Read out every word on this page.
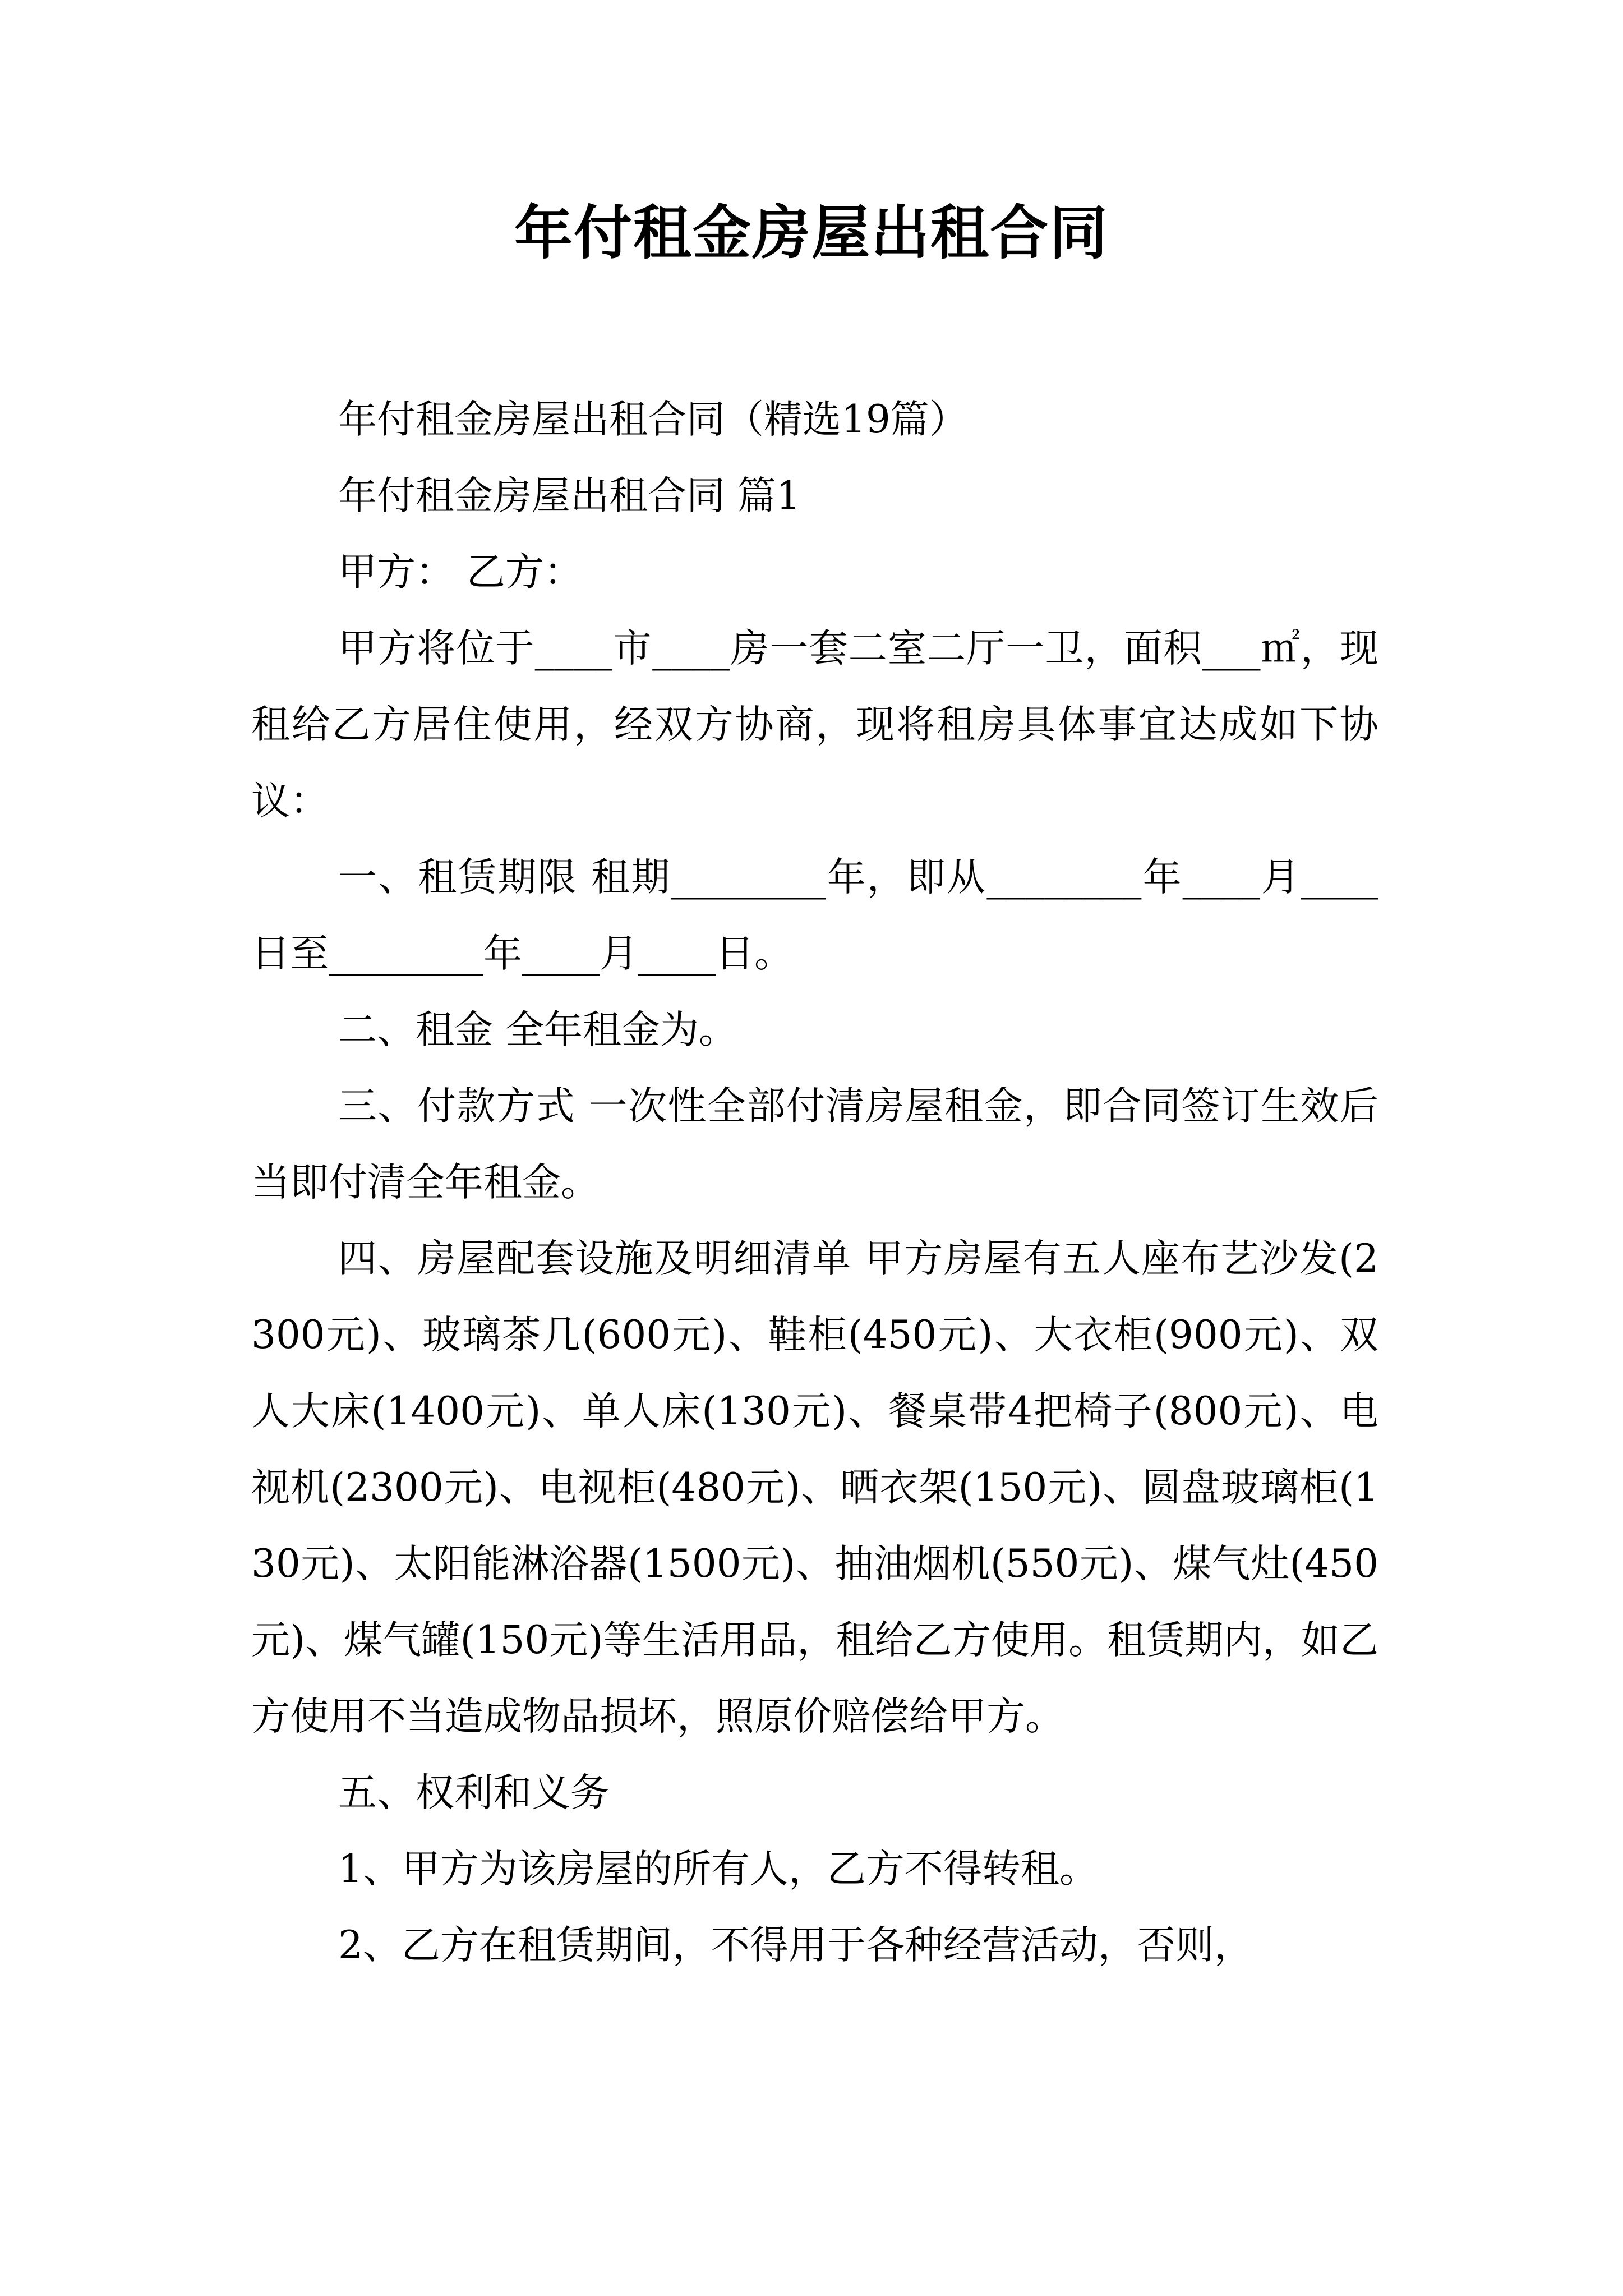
年付租金房屋出租合同

年付租金房屋出租合同（精选19篇）

年付租金房屋出租合同 篇1

甲方： 乙方：

甲方将位于____市____房一套二室二厅一卫，面积___㎡，现租给乙方居住使用，经双方协商，现将租房具体事宜达成如下协议：

一、租赁期限 租期________年，即从________年____月____日至________年____月____日。

二、租金 全年租金为。

三、付款方式 一次性全部付清房屋租金，即合同签订生效后当即付清全年租金。

四、房屋配套设施及明细清单 甲方房屋有五人座布艺沙发(2300元)、玻璃茶几(600元)、鞋柜(450元)、大衣柜(900元)、双人大床(1400元)、单人床(130元)、餐桌带4把椅子(800元)、电视机(2300元)、电视柜(480元)、晒衣架(150元)、圆盘玻璃柜(130元)、太阳能淋浴器(1500元)、抽油烟机(550元)、煤气灶(450元)、煤气罐(150元)等生活用品，租给乙方使用。租赁期内，如乙方使用不当造成物品损坏，照原价赔偿给甲方。

五、权利和义务

1、甲方为该房屋的所有人，乙方不得转租。

2、乙方在租赁期间，不得用于各种经营活动，否则，
